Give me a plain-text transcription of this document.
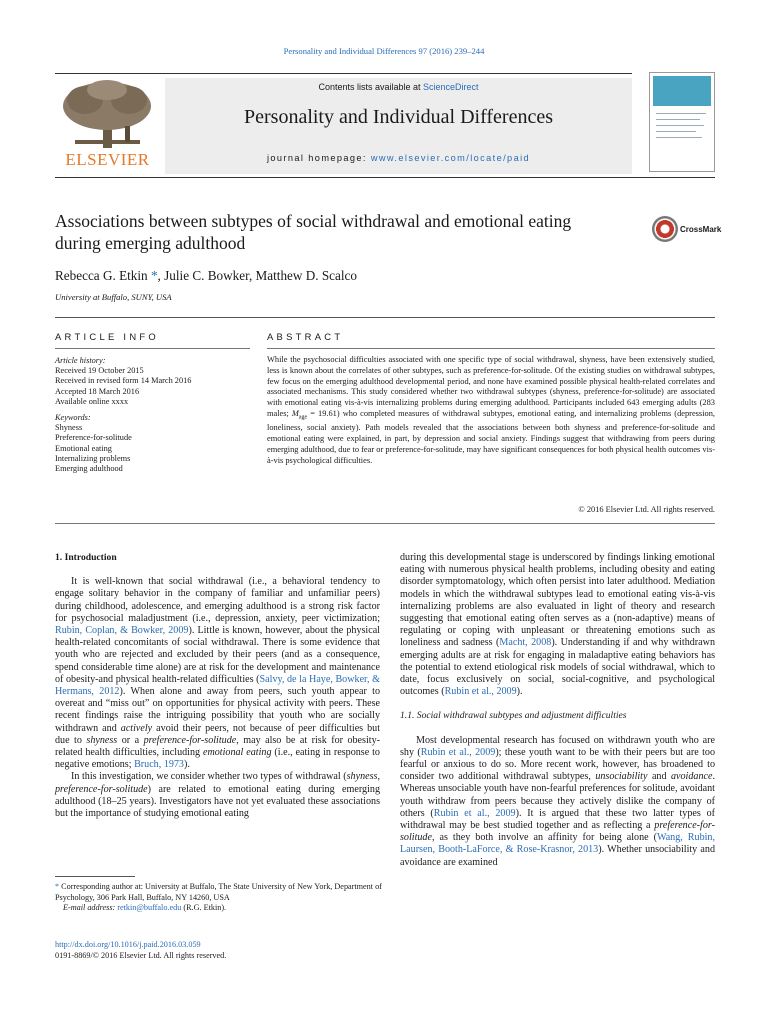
Personality and Individual Differences 97 (2016) 239–244
ELSEVIER
Contents lists available at ScienceDirect
Personality and Individual Differences
journal homepage: www.elsevier.com/locate/paid
Associations between subtypes of social withdrawal and emotional eating during emerging adulthood
CrossMark
Rebecca G. Etkin *, Julie C. Bowker, Matthew D. Scalco
University at Buffalo, SUNY, USA
ARTICLE INFO	ABSTRACT
Article history:
Received 19 October 2015
Received in revised form 14 March 2016
Accepted 18 March 2016
Available online xxxx
Keywords:
Shyness
Preference-for-solitude
Emotional eating
Internalizing problems
Emerging adulthood
While the psychosocial difficulties associated with one specific type of social withdrawal, shyness, have been extensively studied, less is known about the correlates of other subtypes, such as preference-for-solitude. Of the existing studies on withdrawal subtypes, few focus on the emerging adulthood developmental period, and none have examined possible physical health-related correlates and associated mechanisms. This study considered whether two withdrawal subtypes (shyness, preference-for-solitude) are associated with emotional eating vis-à-vis internalizing problems during emerging adulthood. Participants included 643 emerging adults (283 males; $M_{age} = 19.61$) who completed measures of withdrawal subtypes, emotional eating, and internalizing problems (depression, loneliness, social anxiety). Path models revealed that the associations between both shyness and preference-for-solitude and emotional eating were explained, in part, by depression and social anxiety. Findings suggest that withdrawing from peers during emerging adulthood, due to fear or preference-for-solitude, may have significant consequences for both physical health outcomes vis-à-vis psychological difficulties.
© 2016 Elsevier Ltd. All rights reserved.
1. Introduction

It is well-known that social withdrawal (i.e., a behavioral tendency to engage solitary behavior in the company of familiar and unfamiliar peers) during childhood, adolescence, and emerging adulthood is a strong risk factor for psychosocial maladjustment (i.e., depression, anxiety, peer victimization; Rubin, Coplan, & Bowker, 2009). Little is known, however, about the physical health-related concomitants of social withdrawal. There is some evidence that youth who are rejected and excluded by their peers (and as a consequence, spend considerable time alone) are at risk for the development and maintenance of obesity-and physical health-related difficulties (Salvy, de la Haye, Bowker, & Hermans, 2012). When alone and away from peers, such youth appear to overeat and “miss out” on opportunities for physical activity with peers. These recent findings raise the intriguing possibility that youth who are socially withdrawn and actively avoid their peers, not because of peer difficulties but due to shyness or a preference-for-solitude, may also be at risk for obesity-related health difficulties, including emotional eating (i.e., eating in response to negative emotions; Bruch, 1973).

In this investigation, we consider whether two types of withdrawal (shyness, preference-for-solitude) are related to emotional eating during emerging adulthood (18–25 years). Investigators have not yet evaluated these associations but the importance of studying emotional eating

during this developmental stage is underscored by findings linking emotional eating with numerous physical health problems, including obesity and eating disorder symptomatology, which often persist into later adulthood. Mediation models in which the withdrawal subtypes lead to emotional eating vis-à-vis internalizing problems are also evaluated in light of theory and research suggesting that emotional eating often serves as a (non-adaptive) means of regulating or coping with unpleasant or threatening emotions such as loneliness and sadness (Macht, 2008). Understanding if and why withdrawn emerging adults are at risk for engaging in maladaptive eating behaviors has the potential to extend etiological risk models of social withdrawal, which to date, focus exclusively on social, social-cognitive, and psychological outcomes (Rubin et al., 2009).

1.1. Social withdrawal subtypes and adjustment difficulties

Most developmental research has focused on withdrawn youth who are shy (Rubin et al., 2009); these youth want to be with their peers but are too fearful or anxious to do so. More recent work, however, has broadened to consider two additional withdrawal subtypes, unsociability and avoidance. Whereas unsociable youth have non-fearful preferences for solitude, avoidant youth withdraw from peers because they actively dislike the company of others (Rubin et al., 2009). It is argued that these two latter types of withdrawal may be best studied together and as reflecting a preference-for-solitude, as they both involve an affinity for being alone (Wang, Rubin, Laursen, Booth-LaForce, & Rose-Krasnor, 2013). Whether unsociability and avoidance are examined

* Corresponding author at: University at Buffalo, The State University of New York, Department of Psychology, 306 Park Hall, Buffalo, NY 14260, USA
E-mail address: retkin@buffalo.edu (R.G. Etkin).
http://dx.doi.org/10.1016/j.paid.2016.03.059
0191-8869/© 2016 Elsevier Ltd. All rights reserved.
